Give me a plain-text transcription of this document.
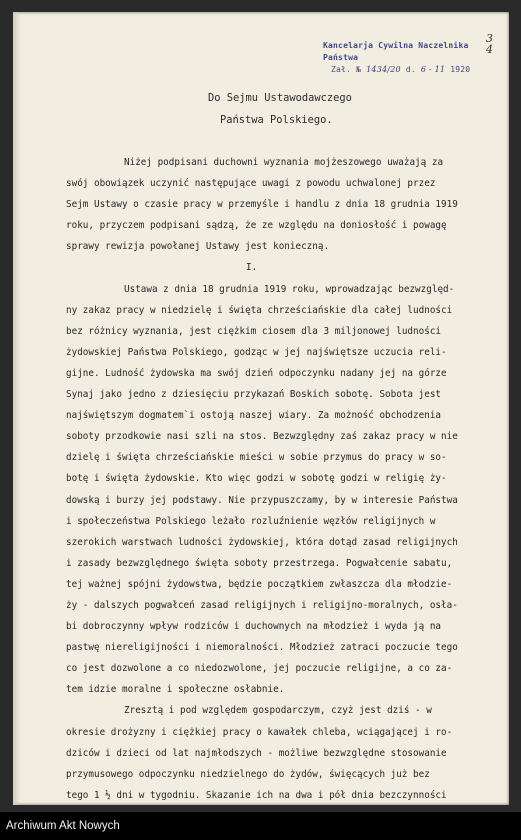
Kancelarja Cywilna Naczelnika Państwa
Zał. № 1434/20 d. 6 - 11 1920
3
4
Do Sejmu Ustawodawczego
Państwa Polskiego.
Niżej podpisani duchowni wyznania mojżeszowego uważają za
swój obowiązek uczynić następujące uwagi z powodu uchwalonej przez
Sejm Ustawy o czasie pracy w przemyśle i handlu z dnia 18 grudnia 1919
roku, przyczem podpisani sądzą, że ze względu na doniosłość i powagę
sprawy rewizja powołanej Ustawy jest konieczną.
I.
Ustawa z dnia 18 grudnia 1919 roku, wprowadzając bezwzględ-
ny zakaz pracy w niedzielę i święta chrześciańskie dla całej ludności
bez różnicy wyznania, jest ciężkim ciosem dla 3 miljonowej ludności
żydowskiej Państwa Polskiego, godząc w jej najświętsze uczucia reli-
gijne. Ludność żydowska ma swój dzień odpoczynku nadany jej na górze
Synaj jako jedno z dziesięciu przykazań Boskich sobotę. Sobota jest
najświętszym dogmatem`i ostoją naszej wiary. Za możność obchodzenia
soboty przodkowie nasi szli na stos. Bezwzględny zaś zakaz pracy w nie
dzielę i święta chrześciańskie mieści w sobie przymus do pracy w so-
botę i święta żydowskie. Kto więc godzi w sobotę godzi w religię ży-
dowską i burzy jej podstawy. Nie przypuszczamy, by w interesie Państwa
i społeczeństwa Polskiego leżało rozluźnienie węzłów religijnych w
szerokich warstwach ludności żydowskiej, która dotąd zasad religijnych
i zasady bezwzględnego święta soboty przestrzega. Pogwałcenie sabatu,
tej ważnej spójni żydowstwa, będzie początkiem zwłaszcza dla młodzie-
ży - dalszych pogwałceń zasad religijnych i religijno-moralnych, osła-
bi dobroczynny wpływ rodziców i duchownych na młodzież i wyda ją na
pastwę niereligijności i niemoralności. Młodzież zatraci poczucie tego
co jest dozwolone a co niedozwolone, jej poczucie religijne, a co za-
tem idzie moralne i społeczne osłabnie.
Zresztą i pod względem gospodarczym, czyż jest dziś - w
okresie drożyzny i ciężkiej pracy o kawałek chleba, wciągającej i ro-
dziców i dzieci od lat najmłodszych - możliwe bezwzględne stosowanie
przymusowego odpoczynku niedzielnego do żydów, święcących już bez
tego 1 ½ dni w tygodniu. Skazanie ich na dwa i pół dnia bezczynności
Archiwum Akt Nowych
